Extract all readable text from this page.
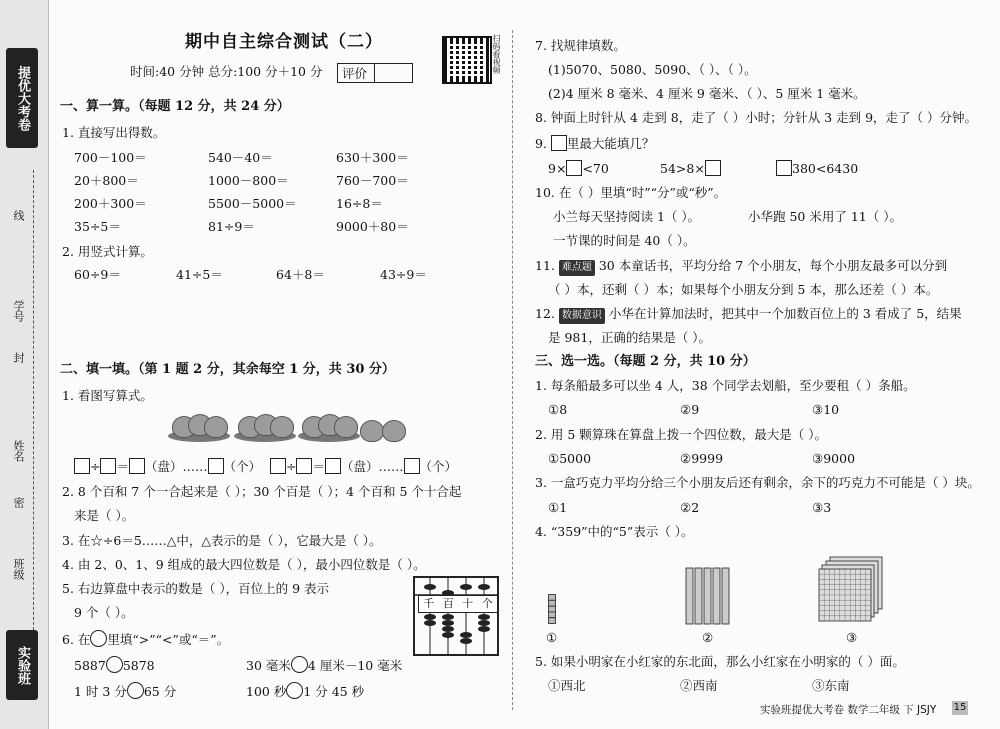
提优大考卷
线
学号
封
姓名
密
班级
实验班
期中自主综合测试（二）
时间:40 分钟 总分:100 分＋10 分 评价	扫码看视频
一、算一算。（每题 12 分，共 24 分）
1. 直接写出得数。
700－100＝	540－40＝	630＋300＝
20＋800＝	1000－800＝	760－700＝
200＋300＝	5500－5000＝	16÷8＝
35÷5＝	81÷9＝	9000＋80＝
2. 用竖式计算。
60÷9＝	41÷5＝	64＋8＝	43÷9＝
二、填一填。（第 1 题 2 分，其余每空 1 分，共 30 分）
1. 看图写算式。
÷ ＝ （盘）…… （个）	÷ ＝ （盘）…… （个）
2. 8 个百和 7 个一合起来是（ ）；30 个百是（ ）；4 个百和 5 个十合起
来是（ ）。
3. 在☆÷6＝5……△中，△表示的是（ ），它最大是（ ）。
4. 由 2、0、1、9 组成的最大四位数是（ ），最小四位数是（ ）。
5. 右边算盘中表示的数是（ ），百位上的 9 表示
9 个（ ）。
千 百 十 个
6. 在 里填“>”“<”或“＝”。
5887 5878	30 毫米 4 厘米－10 毫米
1 时 3 分 65 分	100 秒 1 分 45 秒
7. 找规律填数。
(1)5070、5080、5090、（ ）、（ ）。
(2)4 厘米 8 毫米、4 厘米 9 毫米、（ ）、5 厘米 1 毫米。
8. 钟面上时针从 4 走到 8，走了（ ）小时；分针从 3 走到 9，走了（ ）分钟。
9. 里最大能填几？
9× <70	54>8×	380<6430
10. 在（ ）里填“时”“分”或“秒”。
小兰每天坚持阅读 1（ ）。	小华跑 50 米用了 11（ ）。
一节课的时间是 40（ ）。
11. 难点题 30 本童话书，平均分给 7 个小朋友，每个小朋友最多可以分到
（ ）本，还剩（ ）本；如果每个小朋友分到 5 本，那么还差（ ）本。
12. 数据意识 小华在计算加法时，把其中一个加数百位上的 3 看成了 5，结果
是 981，正确的结果是（ ）。
三、选一选。（每题 2 分，共 10 分）
1. 每条船最多可以坐 4 人，38 个同学去划船，至少要租（ ）条船。
①8	②9	③10
2. 用 5 颗算珠在算盘上拨一个四位数，最大是（ ）。
①5000	②9999	③9000
3. 一盒巧克力平均分给三个小朋友后还有剩余，余下的巧克力不可能是（ ）块。
①1	②2	③3
4. “359”中的“5”表示（ ）。
①	②	③
5. 如果小明家在小红家的东北面，那么小红家在小明家的（ ）面。
①西北	②西南	③东南
实验班提优大考卷 数学二年级 下 JSJY 15
